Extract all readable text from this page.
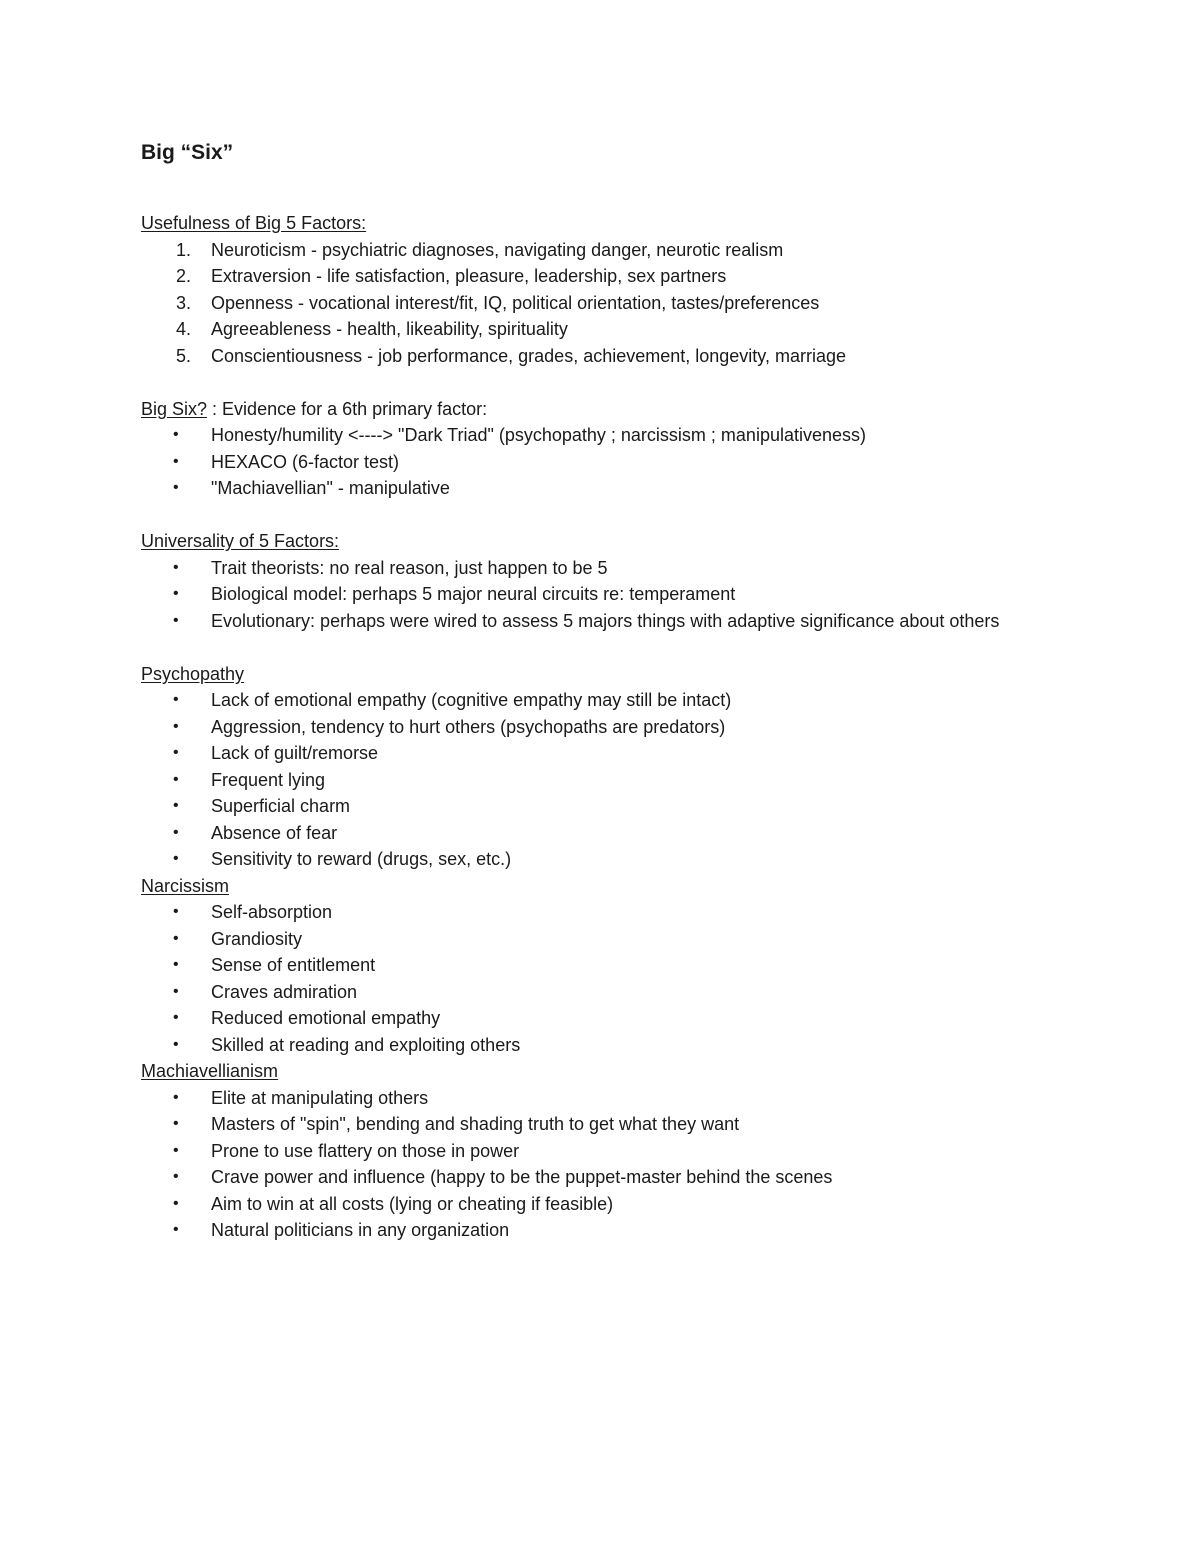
Big “Six”
Usefulness of Big 5 Factors:
1.	Neuroticism - psychiatric diagnoses, navigating danger, neurotic realism
2.	Extraversion - life satisfaction, pleasure, leadership, sex partners
3.	Openness - vocational interest/fit, IQ, political orientation, tastes/preferences
4.	Agreeableness - health, likeability, spirituality
5.	Conscientiousness - job performance, grades, achievement, longevity, marriage
Big Six? : Evidence for a 6th primary factor:
•	Honesty/humility <----> "Dark Triad" (psychopathy ; narcissism ; manipulativeness)
•	HEXACO (6-factor test)
•	"Machiavellian" - manipulative
Universality of 5 Factors:
•	Trait theorists: no real reason, just happen to be 5
•	Biological model: perhaps 5 major neural circuits re: temperament
•	Evolutionary: perhaps were wired to assess 5 majors things with adaptive significance about others
Psychopathy
•	Lack of emotional empathy (cognitive empathy may still be intact)
•	Aggression, tendency to hurt others (psychopaths are predators)
•	Lack of guilt/remorse
•	Frequent lying
•	Superficial charm
•	Absence of fear
•	Sensitivity to reward (drugs, sex, etc.)
Narcissism
•	Self-absorption
•	Grandiosity
•	Sense of entitlement
•	Craves admiration
•	Reduced emotional empathy
•	Skilled at reading and exploiting others
Machiavellianism
•	Elite at manipulating others
•	Masters of "spin", bending and shading truth to get what they want
•	Prone to use flattery on those in power
•	Crave power and influence (happy to be the puppet-master behind the scenes
•	Aim to win at all costs (lying or cheating if feasible)
•	Natural politicians in any organization
